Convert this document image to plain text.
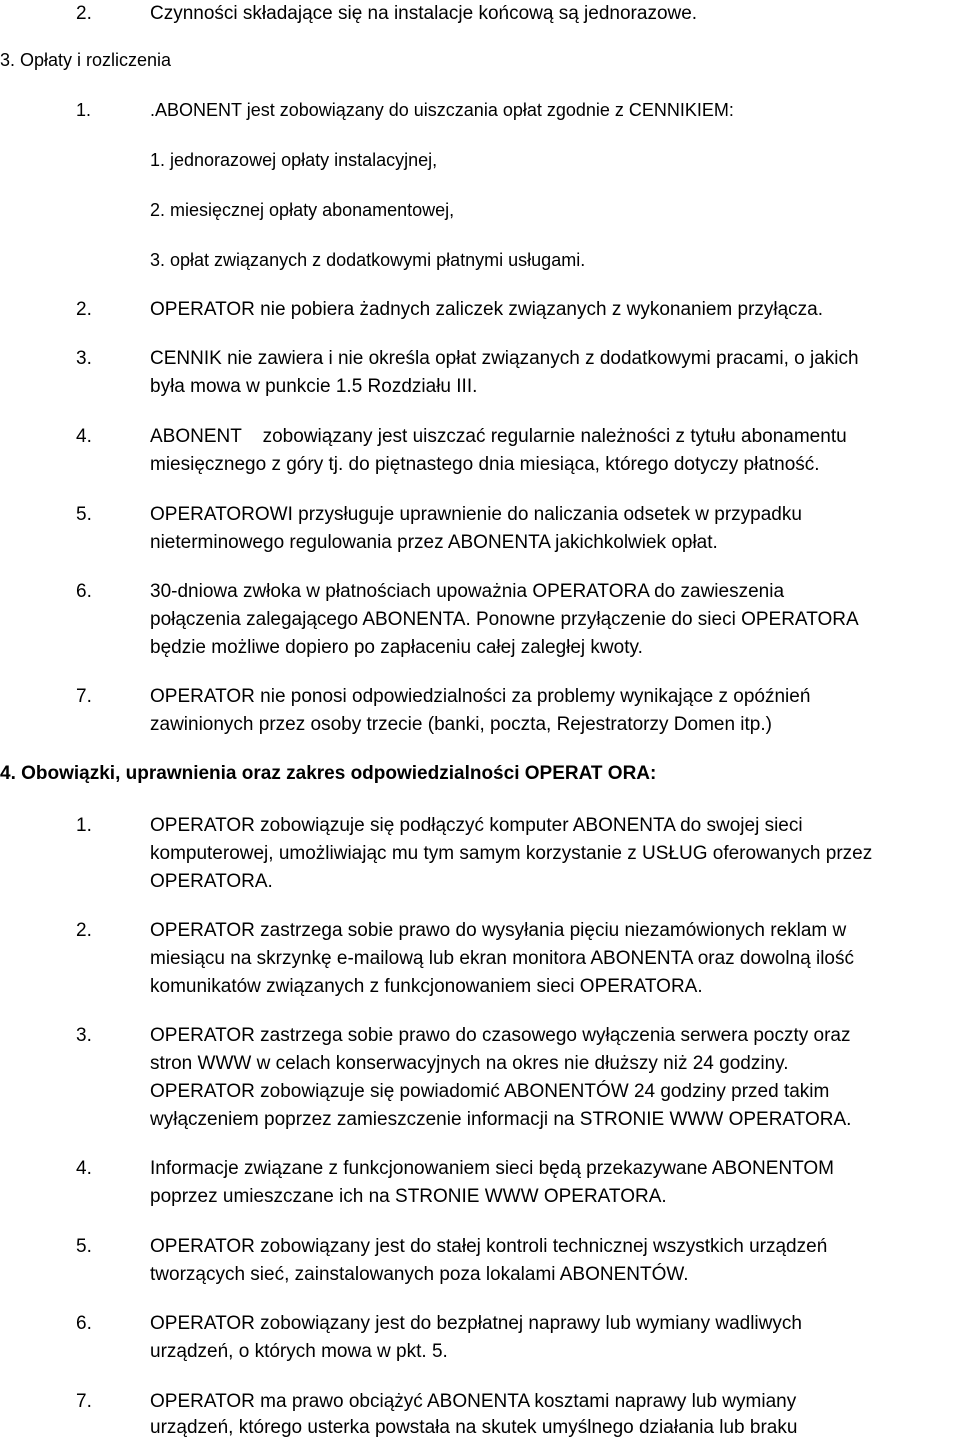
2.	Czynności składające się na instalacje końcową są jednorazowe.
3. Opłaty i rozliczenia
1.	.ABONENT jest zobowiązany do uiszczania opłat zgodnie z CENNIKIEM:
1. jednorazowej opłaty instalacyjnej,
2. miesięcznej opłaty abonamentowej,
3. opłat związanych z dodatkowymi płatnymi usługami.
2.	OPERATOR nie pobiera żadnych zaliczek związanych z wykonaniem przyłącza.
3.	CENNIK nie zawiera i nie określa opłat związanych z dodatkowymi pracami, o jakich
była mowa w punkcie 1.5 Rozdziału III.
4.	ABONENT    zobowiązany jest uiszczać regularnie należności z tytułu abonamentu
miesięcznego z góry tj. do piętnastego dnia miesiąca, którego dotyczy płatność.
5.	OPERATOROWI przysługuje uprawnienie do naliczania odsetek w przypadku
nieterminowego regulowania przez ABONENTA jakichkolwiek opłat.
6.	30-dniowa zwłoka w płatnościach upoważnia OPERATORA do zawieszenia
połączenia zalegającego ABONENTA. Ponowne przyłączenie do sieci OPERATORA
będzie możliwe dopiero po zapłaceniu całej zaległej kwoty.
7.	OPERATOR nie ponosi odpowiedzialności za problemy wynikające z opóźnień
zawinionych przez osoby trzecie (banki, poczta, Rejestratorzy Domen itp.)
4. Obowiązki, uprawnienia oraz zakres odpowiedzialności OPERAT ORA:
1.	OPERATOR zobowiązuje się podłączyć komputer ABONENTA do swojej sieci
komputerowej, umożliwiając mu tym samym korzystanie z USŁUG oferowanych przez
OPERATORA.
2.	OPERATOR zastrzega sobie prawo do wysyłania pięciu niezamówionych reklam w
miesiącu na skrzynkę e-mailową lub ekran monitora ABONENTA oraz dowolną ilość
komunikatów związanych z funkcjonowaniem sieci OPERATORA.
3.	OPERATOR zastrzega sobie prawo do czasowego wyłączenia serwera poczty oraz
stron WWW w celach konserwacyjnych na okres nie dłuższy niż 24 godziny.
OPERATOR zobowiązuje się powiadomić ABONENTÓW 24 godziny przed takim
wyłączeniem poprzez zamieszczenie informacji na STRONIE WWW OPERATORA.
4.	Informacje związane z funkcjonowaniem sieci będą przekazywane ABONENTOM
poprzez umieszczane ich na STRONIE WWW OPERATORA.
5.	OPERATOR zobowiązany jest do stałej kontroli technicznej wszystkich urządzeń
tworzących sieć, zainstalowanych poza lokalami ABONENTÓW.
6.	OPERATOR zobowiązany jest do bezpłatnej naprawy lub wymiany wadliwych
urządzeń, o których mowa w pkt. 5.
7.	OPERATOR ma prawo obciążyć ABONENTA kosztami naprawy lub wymiany
urządzeń, którego usterka powstała na skutek umyślnego działania lub braku
